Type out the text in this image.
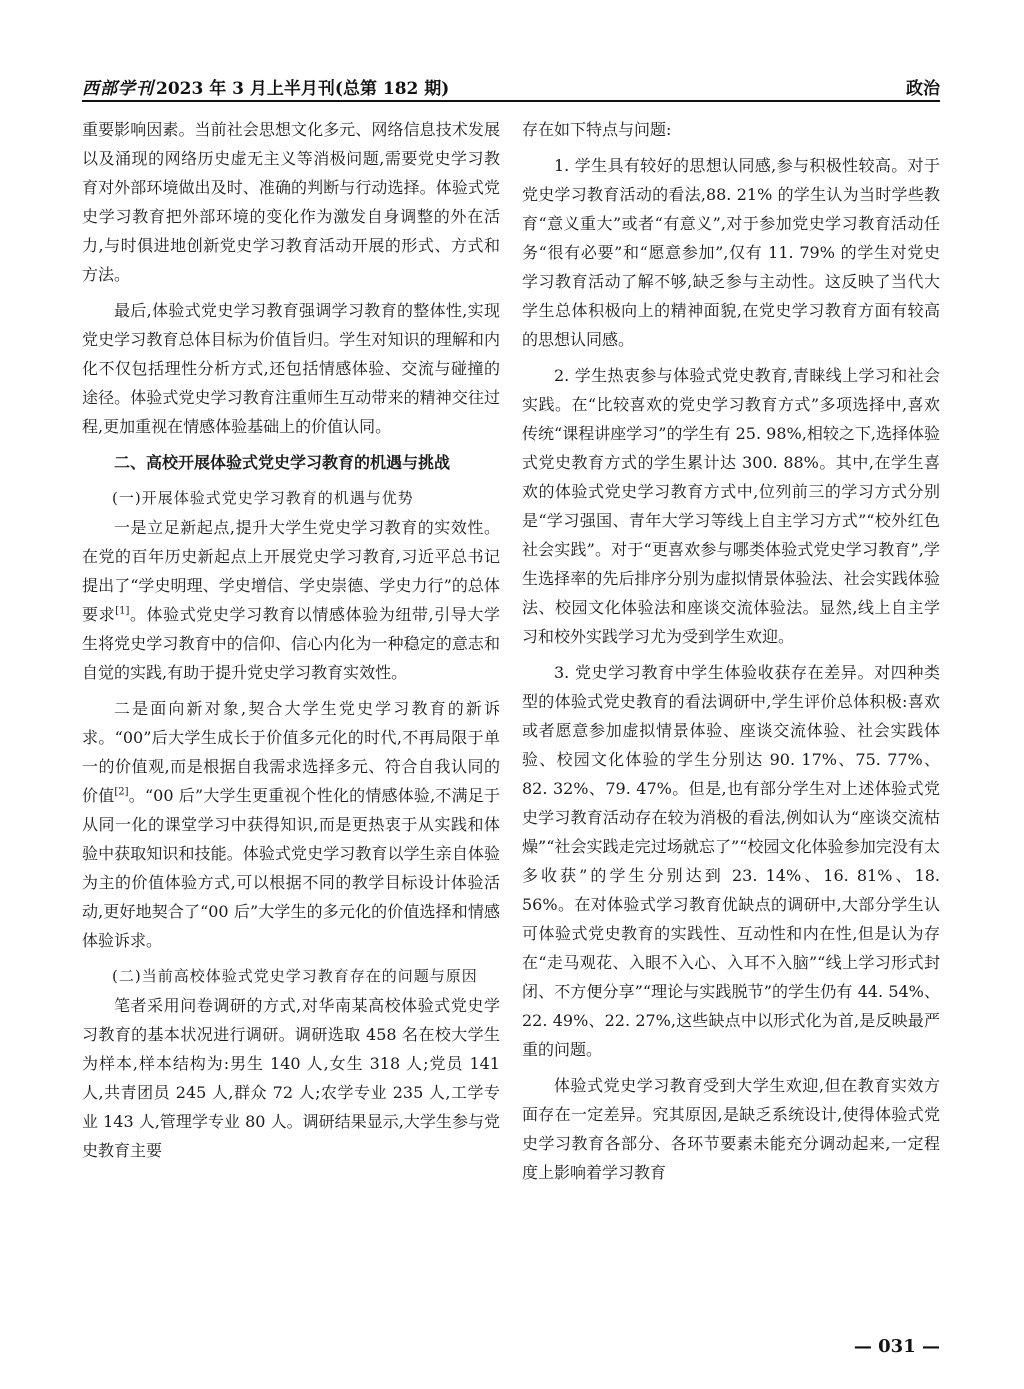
西部学刊 2023 年 3 月上半月刊(总第 182 期)	政治

重要影响因素。当前社会思想文化多元、网络信息技术发展以及涌现的网络历史虚无主义等消极问题,需要党史学习教育对外部环境做出及时、准确的判断与行动选择。体验式党史学习教育把外部环境的变化作为激发自身调整的外在活力,与时俱进地创新党史学习教育活动开展的形式、方式和方法。

最后,体验式党史学习教育强调学习教育的整体性,实现党史学习教育总体目标为价值旨归。学生对知识的理解和内化不仅包括理性分析方式,还包括情感体验、交流与碰撞的途径。体验式党史学习教育注重师生互动带来的精神交往过程,更加重视在情感体验基础上的价值认同。

二、高校开展体验式党史学习教育的机遇与挑战
(一)开展体验式党史学习教育的机遇与优势

一是立足新起点,提升大学生党史学习教育的实效性。在党的百年历史新起点上开展党史学习教育,习近平总书记提出了“学史明理、学史增信、学史崇德、学史力行”的总体要求[1]。体验式党史学习教育以情感体验为纽带,引导大学生将党史学习教育中的信仰、信心内化为一种稳定的意志和自觉的实践,有助于提升党史学习教育实效性。

二是面向新对象,契合大学生党史学习教育的新诉求。“00”后大学生成长于价值多元化的时代,不再局限于单一的价值观,而是根据自我需求选择多元、符合自我认同的价值[2]。“00 后”大学生更重视个性化的情感体验,不满足于从同一化的课堂学习中获得知识,而是更热衷于从实践和体验中获取知识和技能。体验式党史学习教育以学生亲自体验为主的价值体验方式,可以根据不同的教学目标设计体验活动,更好地契合了“00 后”大学生的多元化的价值选择和情感体验诉求。

(二)当前高校体验式党史学习教育存在的问题与原因

笔者采用问卷调研的方式,对华南某高校体验式党史学习教育的基本状况进行调研。调研选取 458 名在校大学生为样本,样本结构为:男生 140 人,女生 318 人;党员 141 人,共青团员 245 人,群众 72 人;农学专业 235 人,工学专业 143 人,管理学专业 80 人。调研结果显示,大学生参与党史教育主要

存在如下特点与问题:

1. 学生具有较好的思想认同感,参与积极性较高。对于党史学习教育活动的看法,88. 21% 的学生认为当时学些教育“意义重大”或者“有意义”,对于参加党史学习教育活动任务“很有必要”和“愿意参加”,仅有 11. 79% 的学生对党史学习教育活动了解不够,缺乏参与主动性。这反映了当代大学生总体积极向上的精神面貌,在党史学习教育方面有较高的思想认同感。

2. 学生热衷参与体验式党史教育,青睐线上学习和社会实践。在“比较喜欢的党史学习教育方式”多项选择中,喜欢传统“课程讲座学习”的学生有 25. 98%,相较之下,选择体验式党史教育方式的学生累计达 300. 88%。其中,在学生喜欢的体验式党史学习教育方式中,位列前三的学习方式分别是“学习强国、青年大学习等线上自主学习方式”“校外红色社会实践”。对于“更喜欢参与哪类体验式党史学习教育”,学生选择率的先后排序分别为虚拟情景体验法、社会实践体验法、校园文化体验法和座谈交流体验法。显然,线上自主学习和校外实践学习尤为受到学生欢迎。

3. 党史学习教育中学生体验收获存在差异。对四种类型的体验式党史教育的看法调研中,学生评价总体积极:喜欢或者愿意参加虚拟情景体验、座谈交流体验、社会实践体验、校园文化体验的学生分别达 90. 17%、75. 77%、82. 32%、79. 47%。但是,也有部分学生对上述体验式党史学习教育活动存在较为消极的看法,例如认为“座谈交流枯燥”“社会实践走完过场就忘了”“校园文化体验参加完没有太多收获”的学生分别达到 23. 14%、16. 81%、18. 56%。在对体验式学习教育优缺点的调研中,大部分学生认可体验式党史教育的实践性、互动性和内在性,但是认为存在“走马观花、入眼不入心、入耳不入脑”“线上学习形式封闭、不方便分享”“理论与实践脱节”的学生仍有 44. 54%、22. 49%、22. 27%,这些缺点中以形式化为首,是反映最严重的问题。

体验式党史学习教育受到大学生欢迎,但在教育实效方面存在一定差异。究其原因,是缺乏系统设计,使得体验式党史学习教育各部分、各环节要素未能充分调动起来,一定程度上影响着学习教育

— 031 —
